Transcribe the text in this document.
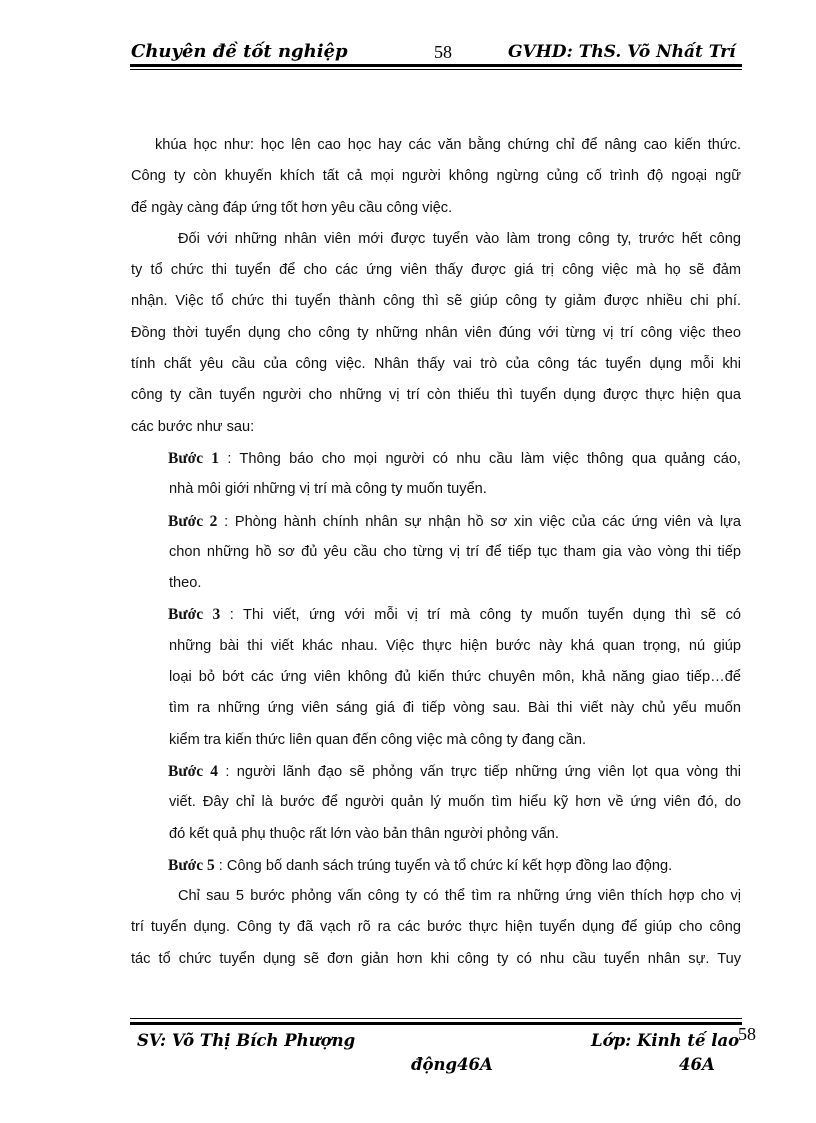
Chuyên đề tốt nghiệp	58	GVHD: ThS. Võ Nhất Trí
khúa học như: học lên cao học hay các văn bằng chứng chỉ để nâng cao kiến thức.
Công ty còn khuyến khích tất cả mọi người không ngừng củng cố trình độ ngoại ngữ
để ngày càng đáp ứng tốt hơn yêu cầu công việc.
Đối với những nhân viên mới được tuyển vào làm trong công ty, trước hết công
ty tổ chức thi tuyển để cho các ứng viên thấy được giá trị công việc mà họ sẽ đảm
nhận. Việc tổ chức thi tuyển thành công thì sẽ giúp công ty giảm được nhiều chi phí.
Đồng thời tuyển dụng cho công ty những nhân viên đúng với từng vị trí công việc theo
tính chất yêu cầu của công việc. Nhân thấy vai trò của công tác tuyển dụng mỗi khi
công ty cần tuyển người cho những vị trí còn thiếu thì tuyển dụng được thực hiện qua
các bước như sau:
Bước 1 : Thông báo cho mọi người có nhu cầu làm việc thông qua quảng cáo,
nhà môi giới những vị trí mà công ty muốn tuyển.
Bước 2 : Phòng hành chính nhân sự nhận hồ sơ xin việc của các ứng viên và lựa
chon những hồ sơ đủ yêu cầu cho từng vị trí để tiếp tục tham gia vào vòng thi tiếp
theo.
Bước 3 : Thi viết, ứng với mỗi vị trí mà công ty muốn tuyển dụng thì sẽ có
những bài thi viết khác nhau. Việc thực hiện bước này khá quan trọng, nú giúp
loại bỏ bớt các ứng viên không đủ kiến thức chuyên môn, khả năng giao tiếp…để
tìm ra những ứng viên sáng giá đi tiếp vòng sau. Bài thi viết này chủ yếu muốn
kiểm tra kiến thức liên quan đến công việc mà công ty đang cần.
Bước 4 : người lãnh đạo sẽ phỏng vấn trực tiếp những ứng viên lọt qua vòng thi
viết. Đây chỉ là bước để người quản lý muốn tìm hiểu kỹ hơn về ứng viên đó, do
đó kết quả phụ thuộc rất lớn vào bản thân người phỏng vấn.
Bước 5 : Công bố danh sách trúng tuyển và tổ chức kí kết hợp đồng lao động.
Chỉ sau 5 bước phỏng vấn công ty có thể tìm ra những ứng viên thích hợp cho vị
trí tuyển dụng. Công ty đã vạch rõ ra các bước thực hiện tuyển dụng để giúp cho công
tác tổ chức tuyển dụng sẽ đơn giản hơn khi công ty có nhu cầu tuyển nhân sự. Tuy
SV: Võ Thị Bích Phượng	Lớp: Kinh tế lao
động46A	46A
58
